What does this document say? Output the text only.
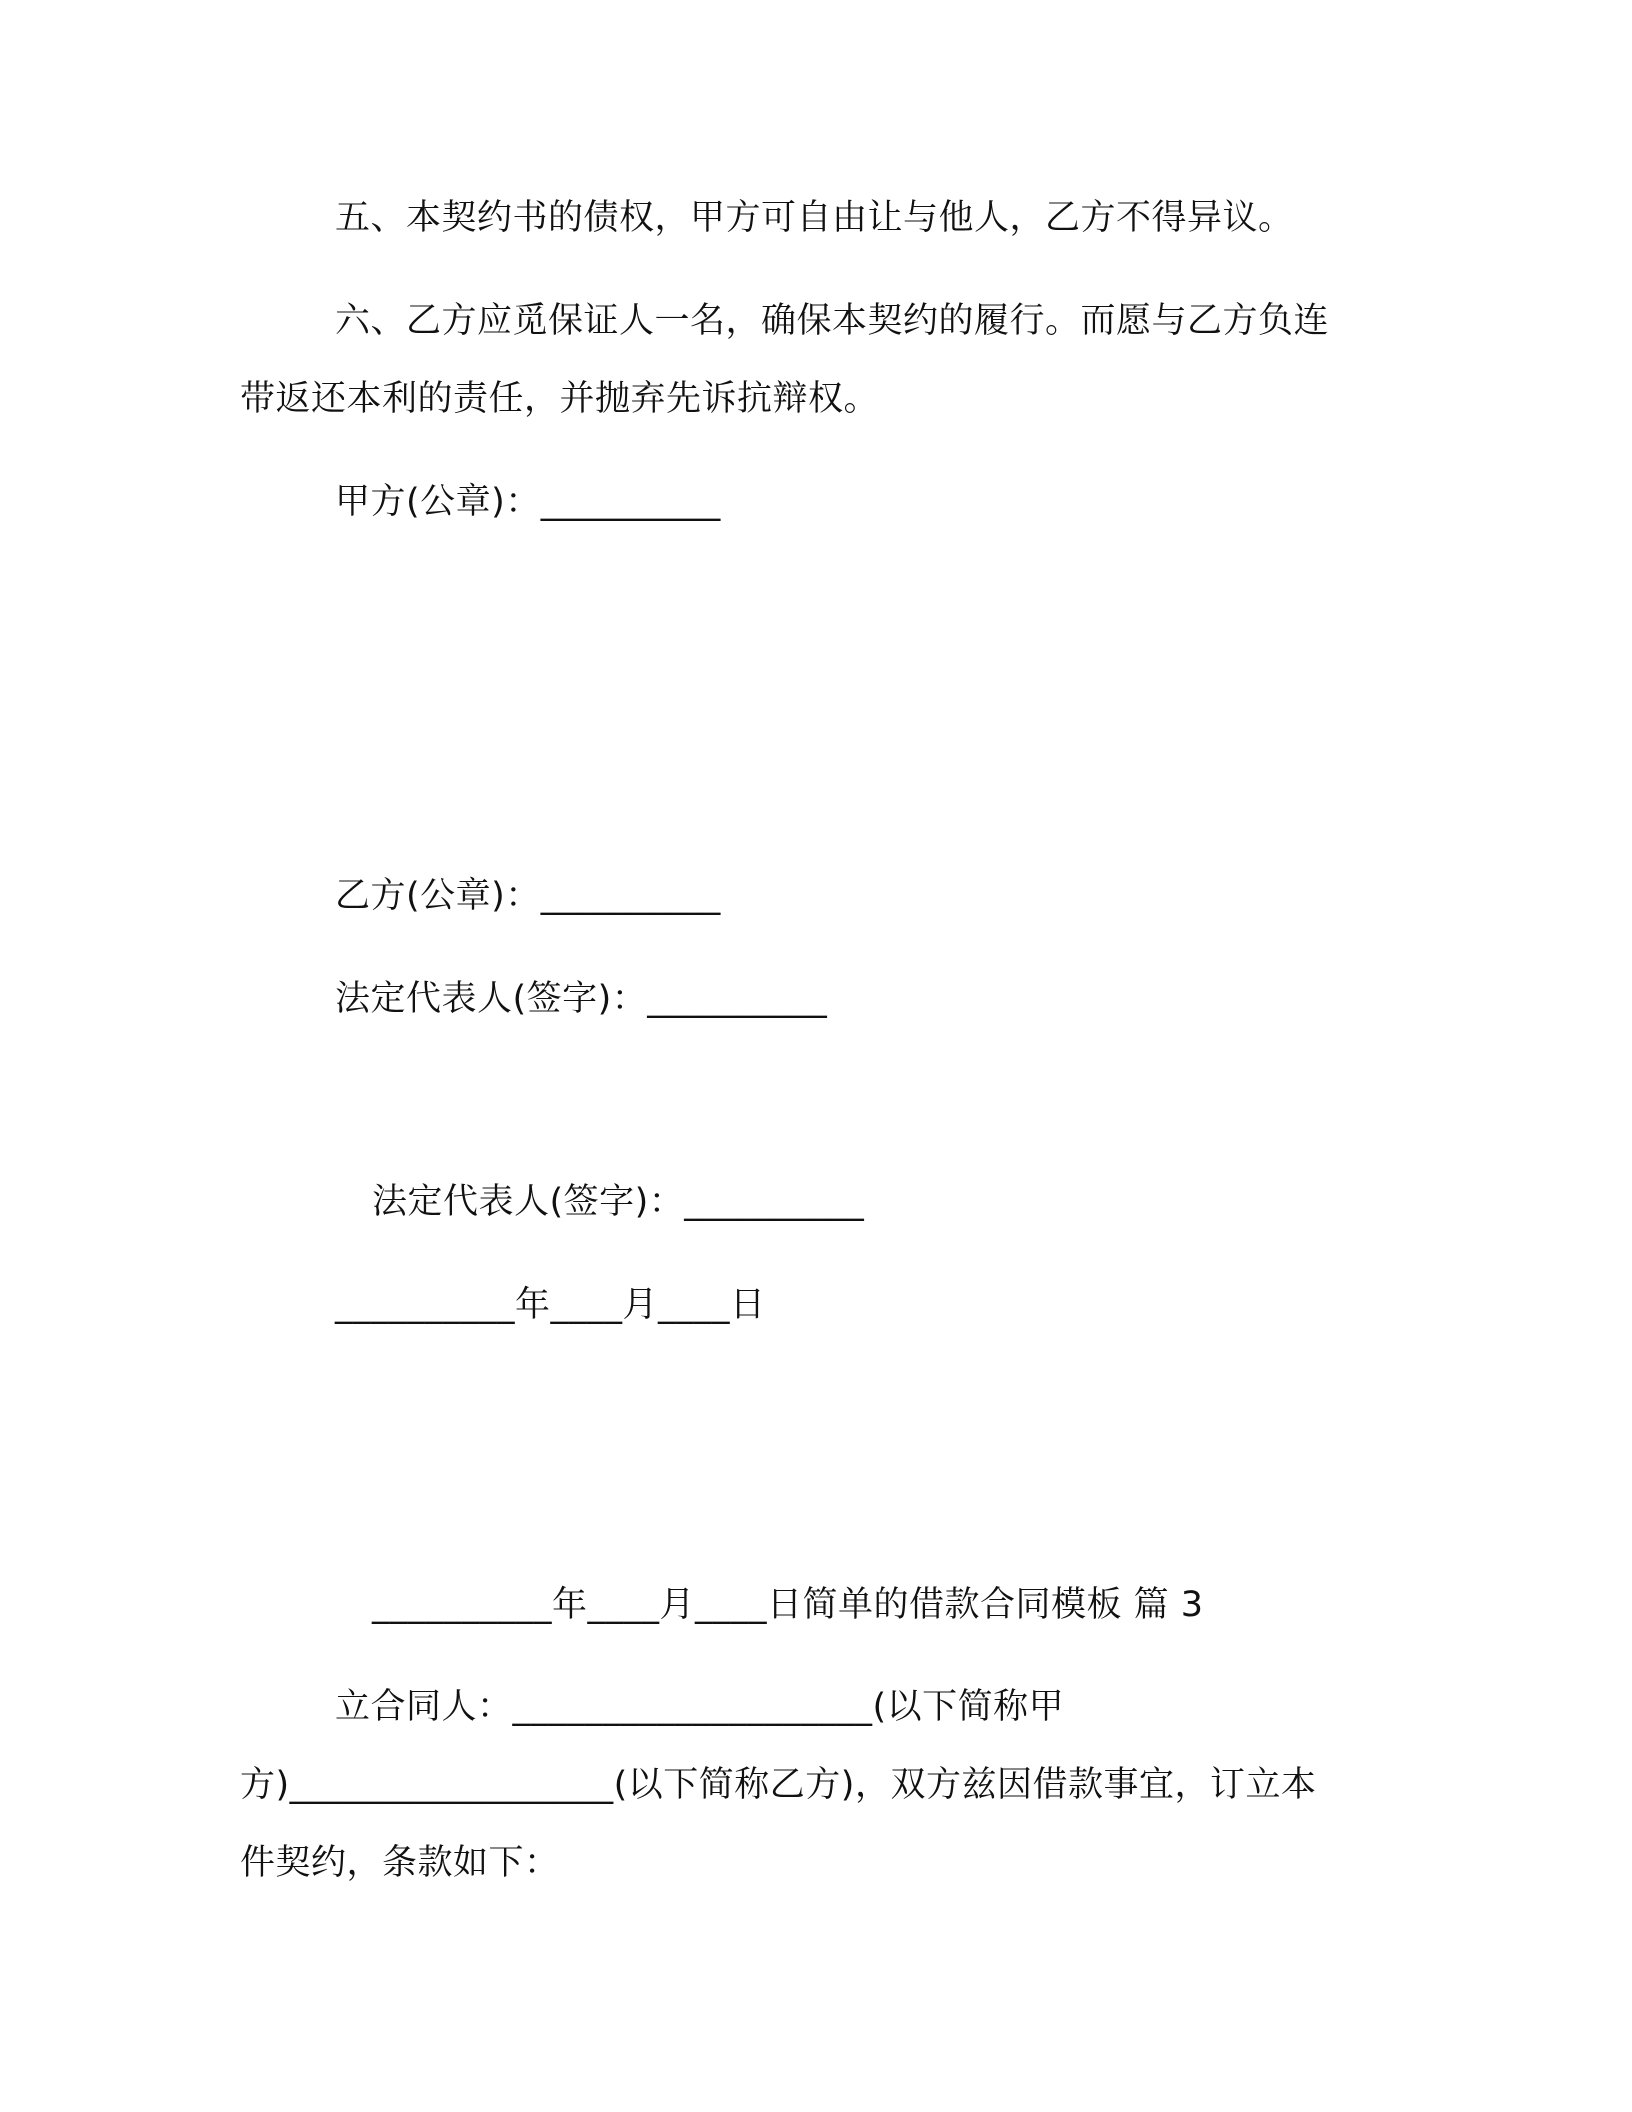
五、本契约书的债权，甲方可自由让与他人，乙方不得异议。
六、乙方应觅保证人一名，确保本契约的履行。而愿与乙方负连
带返还本利的责任，并抛弃先诉抗辩权。
甲方(公章)：__________
乙方(公章)：__________
法定代表人(签字)：__________
法定代表人(签字)：__________
__________年____月____日
__________年____月____日简单的借款合同模板 篇 3
立合同人：____________________(以下简称甲
方)__________________(以下简称乙方)，双方兹因借款事宜，订立本
件契约，条款如下：
